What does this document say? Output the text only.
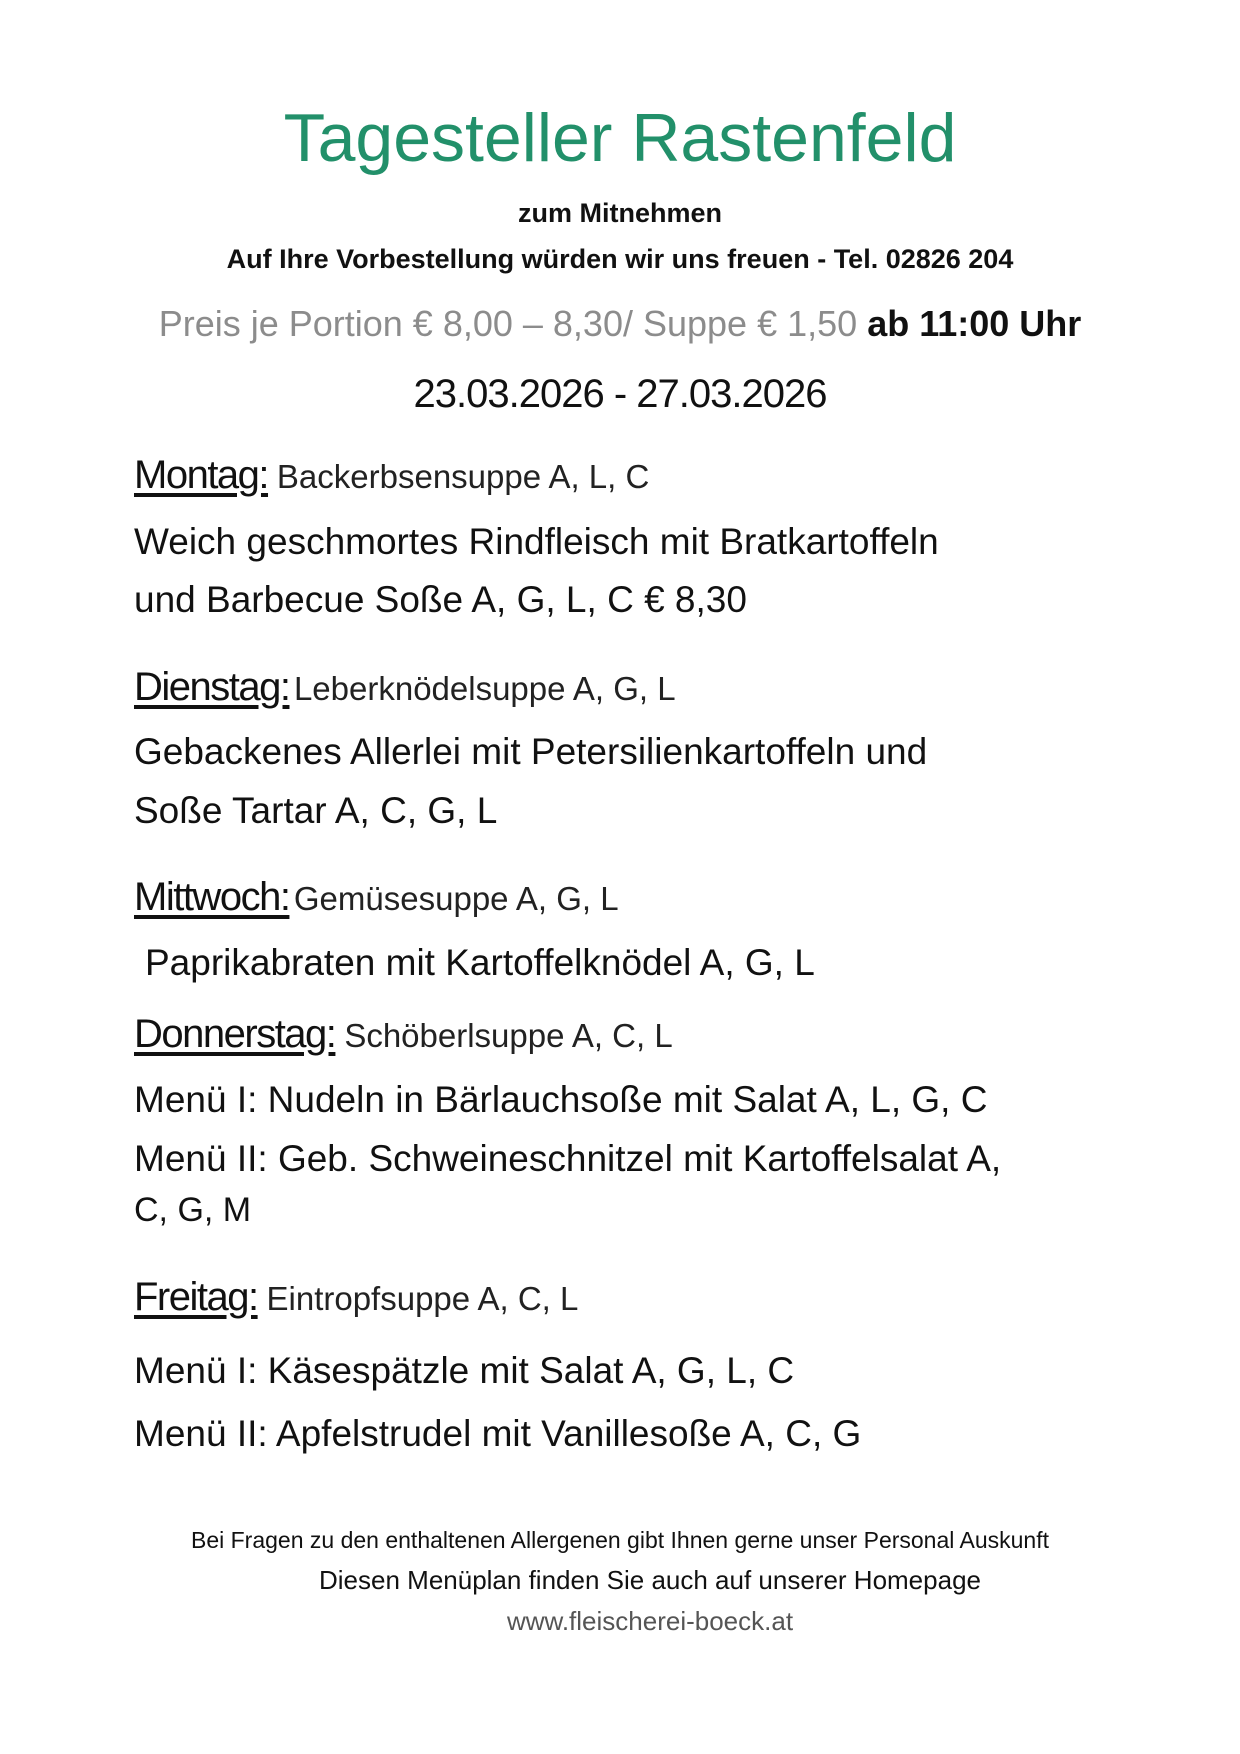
Tagesteller Rastenfeld
zum Mitnehmen
Auf Ihre Vorbestellung würden wir uns freuen - Tel. 02826 204
Preis je Portion € 8,00 – 8,30/ Suppe € 1,50 ab 11:00 Uhr
23.03.2026 - 27.03.2026
Montag: Backerbsensuppe A, L, C
Weich geschmortes Rindfleisch mit Bratkartoffeln
und Barbecue Soße A, G, L, C € 8,30
Dienstag: Leberknödelsuppe A, G, L
Gebackenes Allerlei mit Petersilienkartoffeln und
Soße Tartar A, C, G, L
Mittwoch: Gemüsesuppe A, G, L
Paprikabraten mit Kartoffelknödel A, G, L
Donnerstag: Schöberlsuppe A, C, L
Menü I: Nudeln in Bärlauchsoße mit Salat A, L, G, C
Menü II: Geb. Schweineschnitzel mit Kartoffelsalat A,
C, G, M
Freitag: Eintropfsuppe A, C, L
Menü I: Käsespätzle mit Salat A, G, L, C
Menü II: Apfelstrudel mit Vanillesoße A, C, G
Bei Fragen zu den enthaltenen Allergenen gibt Ihnen gerne unser Personal Auskunft
Diesen Menüplan finden Sie auch auf unserer Homepage
www.fleischerei-boeck.at
